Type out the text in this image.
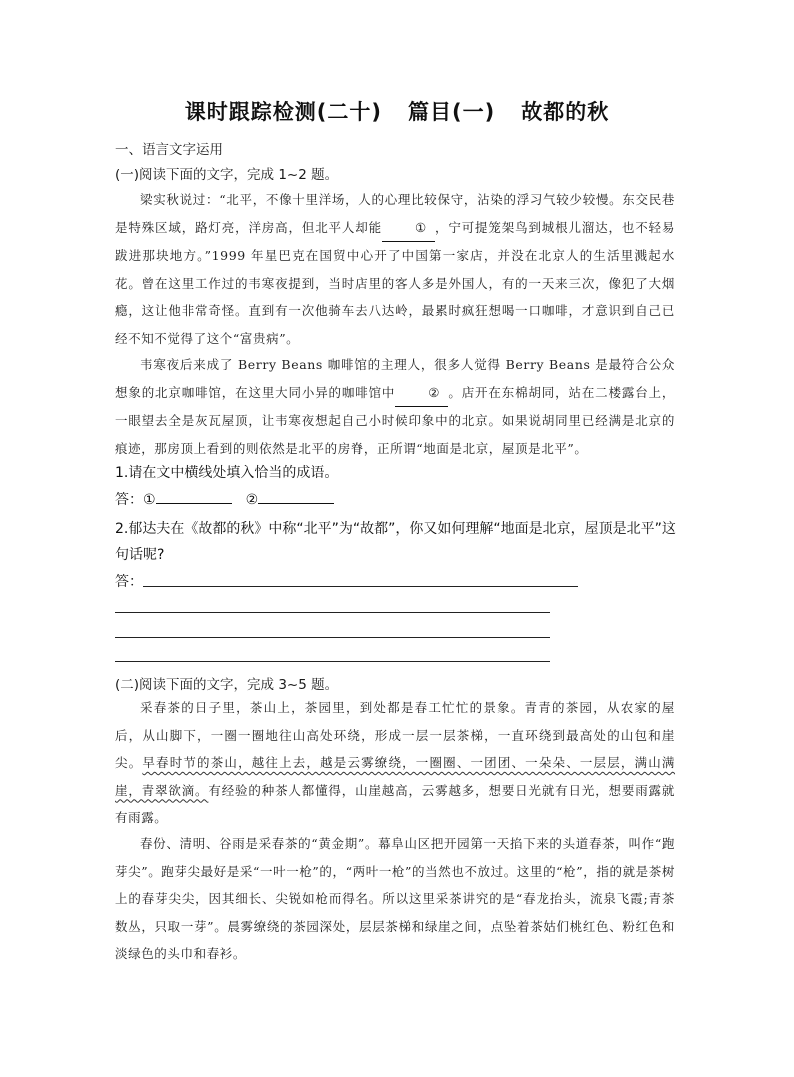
课时跟踪检测(二十) 篇目(一) 故都的秋
一、语言文字运用
(一)阅读下面的文字，完成 1~2 题。
梁实秋说过：“北平，不像十里洋场，人的心理比较保守，沾染的浮习气较少较慢。东交民巷是特殊区域，路灯亮，洋房高，但北平人却能	① ，宁可提笼架鸟到城根儿溜达，也不轻易跋进那块地方。”1999 年星巴克在国贸中心开了中国第一家店，并没在北京人的生活里溅起水花。曾在这里工作过的韦寒夜提到，当时店里的客人多是外国人，有的一天来三次，像犯了大烟瘾，这让他非常奇怪。直到有一次他骑车去八达岭，最累时疯狂想喝一口咖啡，才意识到自己已经不知不觉得了这个“富贵病”。
韦寒夜后来成了 Berry Beans 咖啡馆的主理人，很多人觉得 Berry Beans 是最符合公众想象的北京咖啡馆，在这里大同小异的咖啡馆中	② 。店开在东棉胡同，站在二楼露台上，一眼望去全是灰瓦屋顶，让韦寒夜想起自己小时候印象中的北京。如果说胡同里已经满是北京的痕迹，那房顶上看到的则依然是北平的房脊，正所谓“地面是北京，屋顶是北平”。
1.请在文中横线处填入恰当的成语。
答：①	②
2.郁达夫在《故都的秋》中称“北平”为“故都”，你又如何理解“地面是北京，屋顶是北平”这句话呢?
答：
(二)阅读下面的文字，完成 3~5 题。
采春茶的日子里，茶山上，茶园里，到处都是春工忙忙的景象。青青的茶园，从农家的屋后，从山脚下，一圈一圈地往山高处环绕，形成一层一层茶梯，一直环绕到最高处的山包和崖尖。早春时节的茶山，越往上去，越是云雾缭绕，一圈圈、一团团、一朵朵、一层层，满山满崖，青翠欲滴。有经验的种茶人都懂得，山崖越高，云雾越多，想要日光就有日光，想要雨露就有雨露。
春份、清明、谷雨是采春茶的“黄金期”。幕阜山区把开园第一天掐下来的头道春茶，叫作“跑芽尖”。跑芽尖最好是采“一叶一枪”的，“两叶一枪”的当然也不放过。这里的“枪”，指的就是茶树上的春芽尖尖，因其细长、尖锐如枪而得名。所以这里采茶讲究的是“春龙抬头，流泉飞霞;青茶数丛，只取一芽”。晨雾缭绕的茶园深处，层层茶梯和绿崖之间，点坠着茶姑们桃红色、粉红色和淡绿色的头巾和春衫。
